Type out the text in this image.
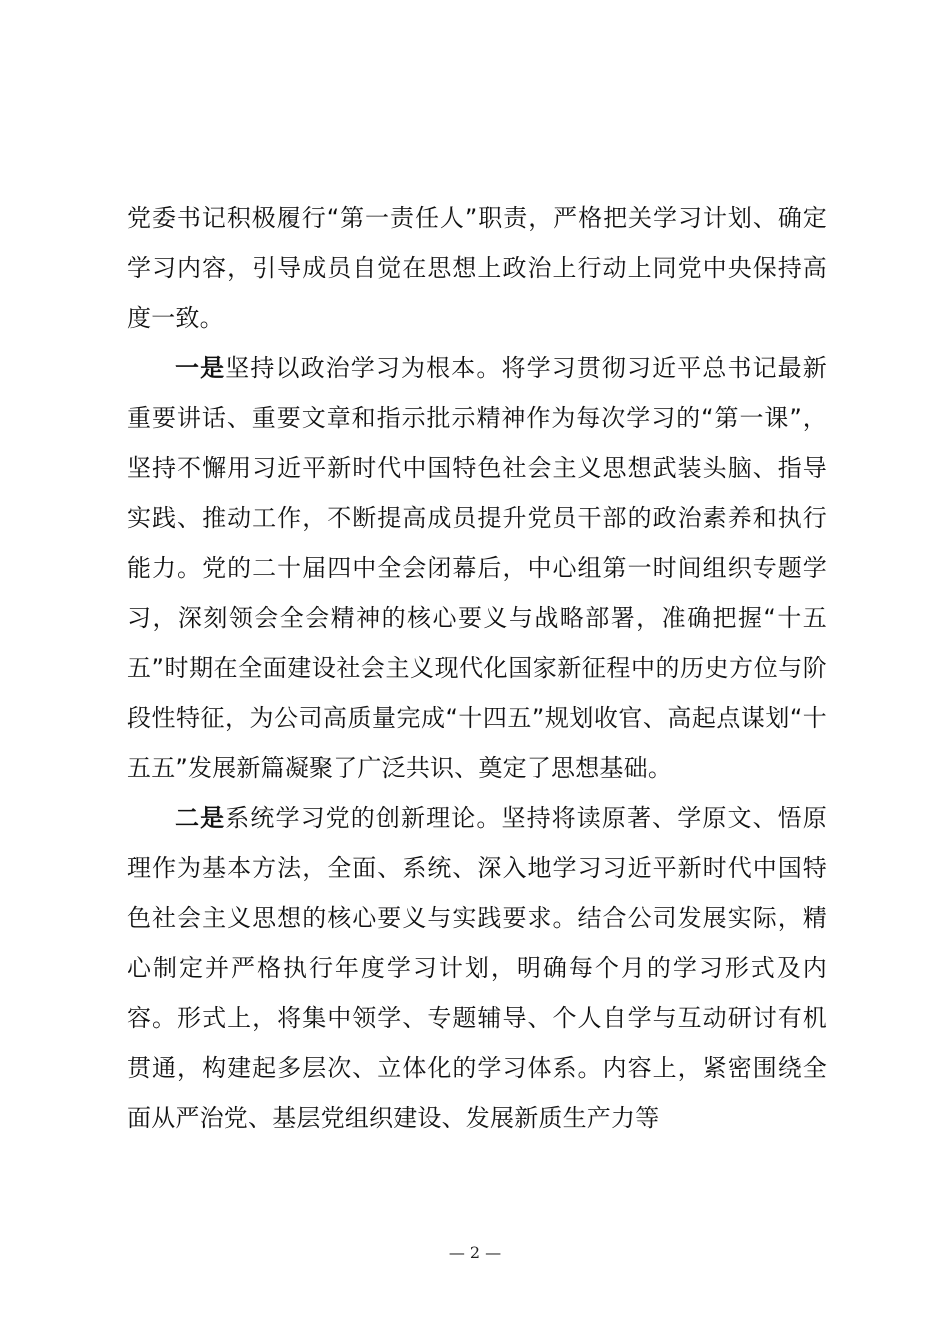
党委书记积极履行“第一责任人”职责，严格把关学习计划、确定学习内容，引导成员自觉在思想上政治上行动上同党中央保持高度一致。

一是坚持以政治学习为根本。将学习贯彻习近平总书记最新重要讲话、重要文章和指示批示精神作为每次学习的“第一课”，坚持不懈用习近平新时代中国特色社会主义思想武装头脑、指导实践、推动工作，不断提高成员提升党员干部的政治素养和执行能力。党的二十届四中全会闭幕后，中心组第一时间组织专题学习，深刻领会全会精神的核心要义与战略部署，准确把握“十五五”时期在全面建设社会主义现代化国家新征程中的历史方位与阶段性特征，为公司高质量完成“十四五”规划收官、高起点谋划“十五五”发展新篇凝聚了广泛共识、奠定了思想基础。

二是系统学习党的创新理论。坚持将读原著、学原文、悟原理作为基本方法，全面、系统、深入地学习习近平新时代中国特色社会主义思想的核心要义与实践要求。结合公司发展实际，精心制定并严格执行年度学习计划，明确每个月的学习形式及内容。形式上，将集中领学、专题辅导、个人自学与互动研讨有机贯通，构建起多层次、立体化的学习体系。内容上，紧密围绕全面从严治党、基层党组织建设、发展新质生产力等

— 2 —
